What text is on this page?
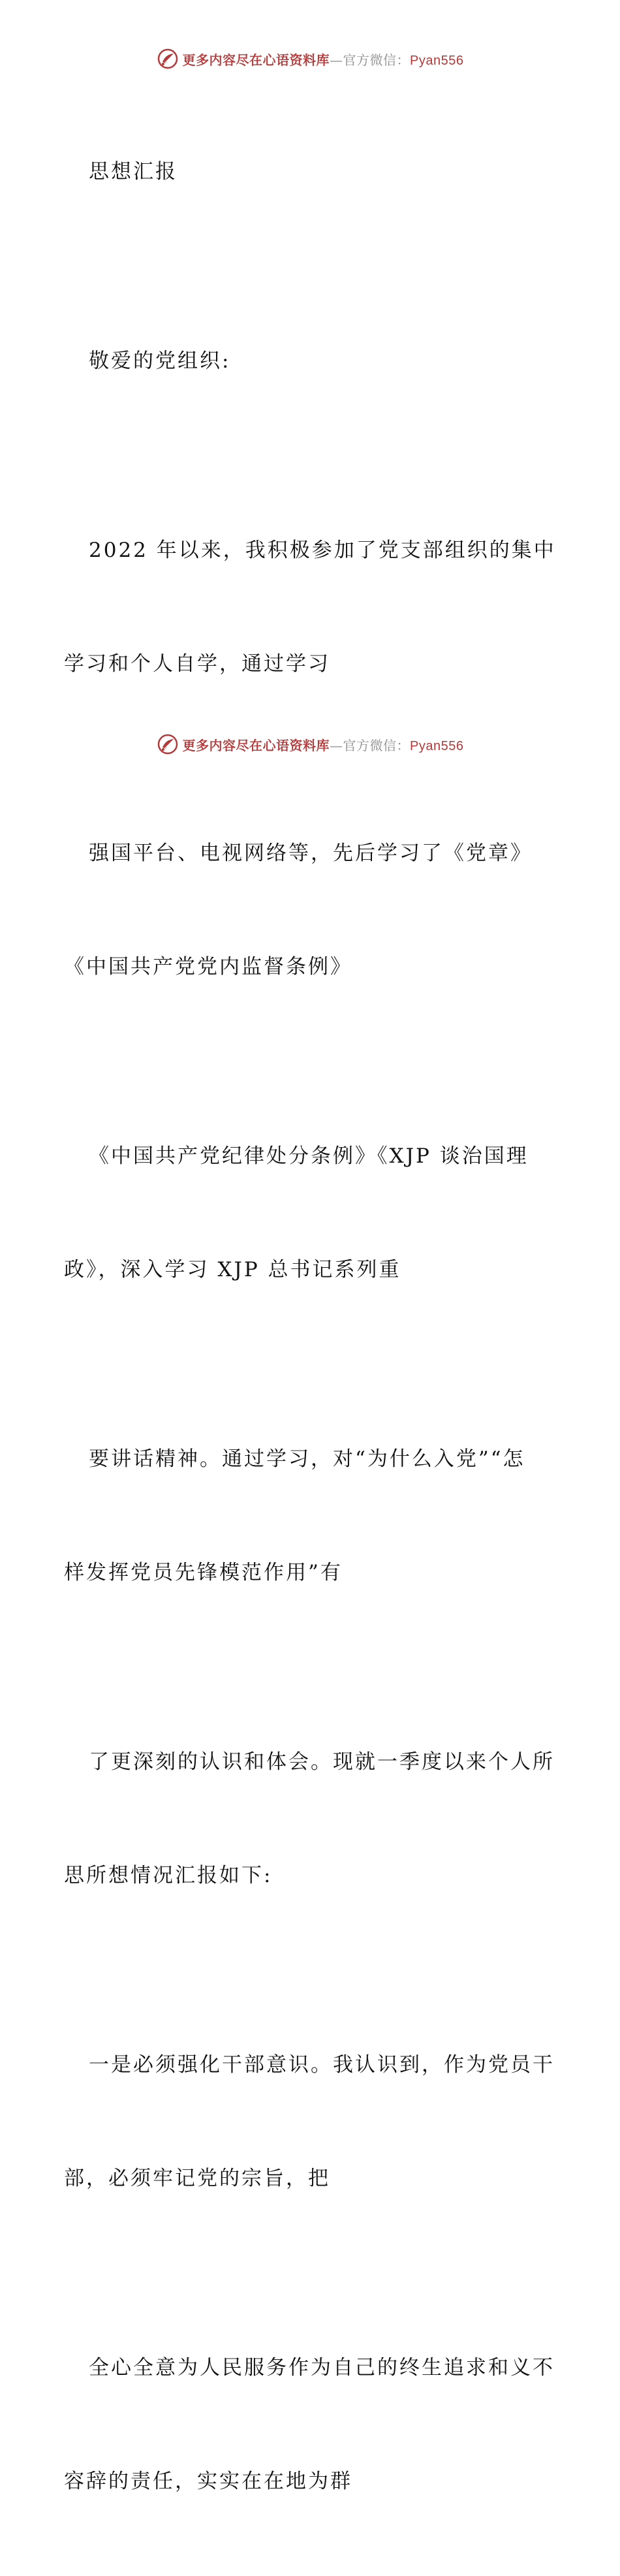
更多内容尽在心语资料库—官方微信：Pyan556

思想汇报

敬爱的党组织:

2022 年以来，我积极参加了党支部组织的集中

学习和个人自学，通过学习

强国平台、电视网络等，先后学习了《党章》

《中国共产党党内监督条例》

《中国共产党纪律处分条例》《XJP 谈治国理

政》，深入学习 XJP 总书记系列重

要讲话精神。通过学习，对“为什么入党”“怎

样发挥党员先锋模范作用”有

了更深刻的认识和体会。现就一季度以来个人所

思所想情况汇报如下:

一是必须强化干部意识。我认识到，作为党员干

部，必须牢记党的宗旨，把

全心全意为人民服务作为自己的终生追求和义不

容辞的责任，实实在在地为群

更多内容尽在心语资料库—官方微信：Pyan556
